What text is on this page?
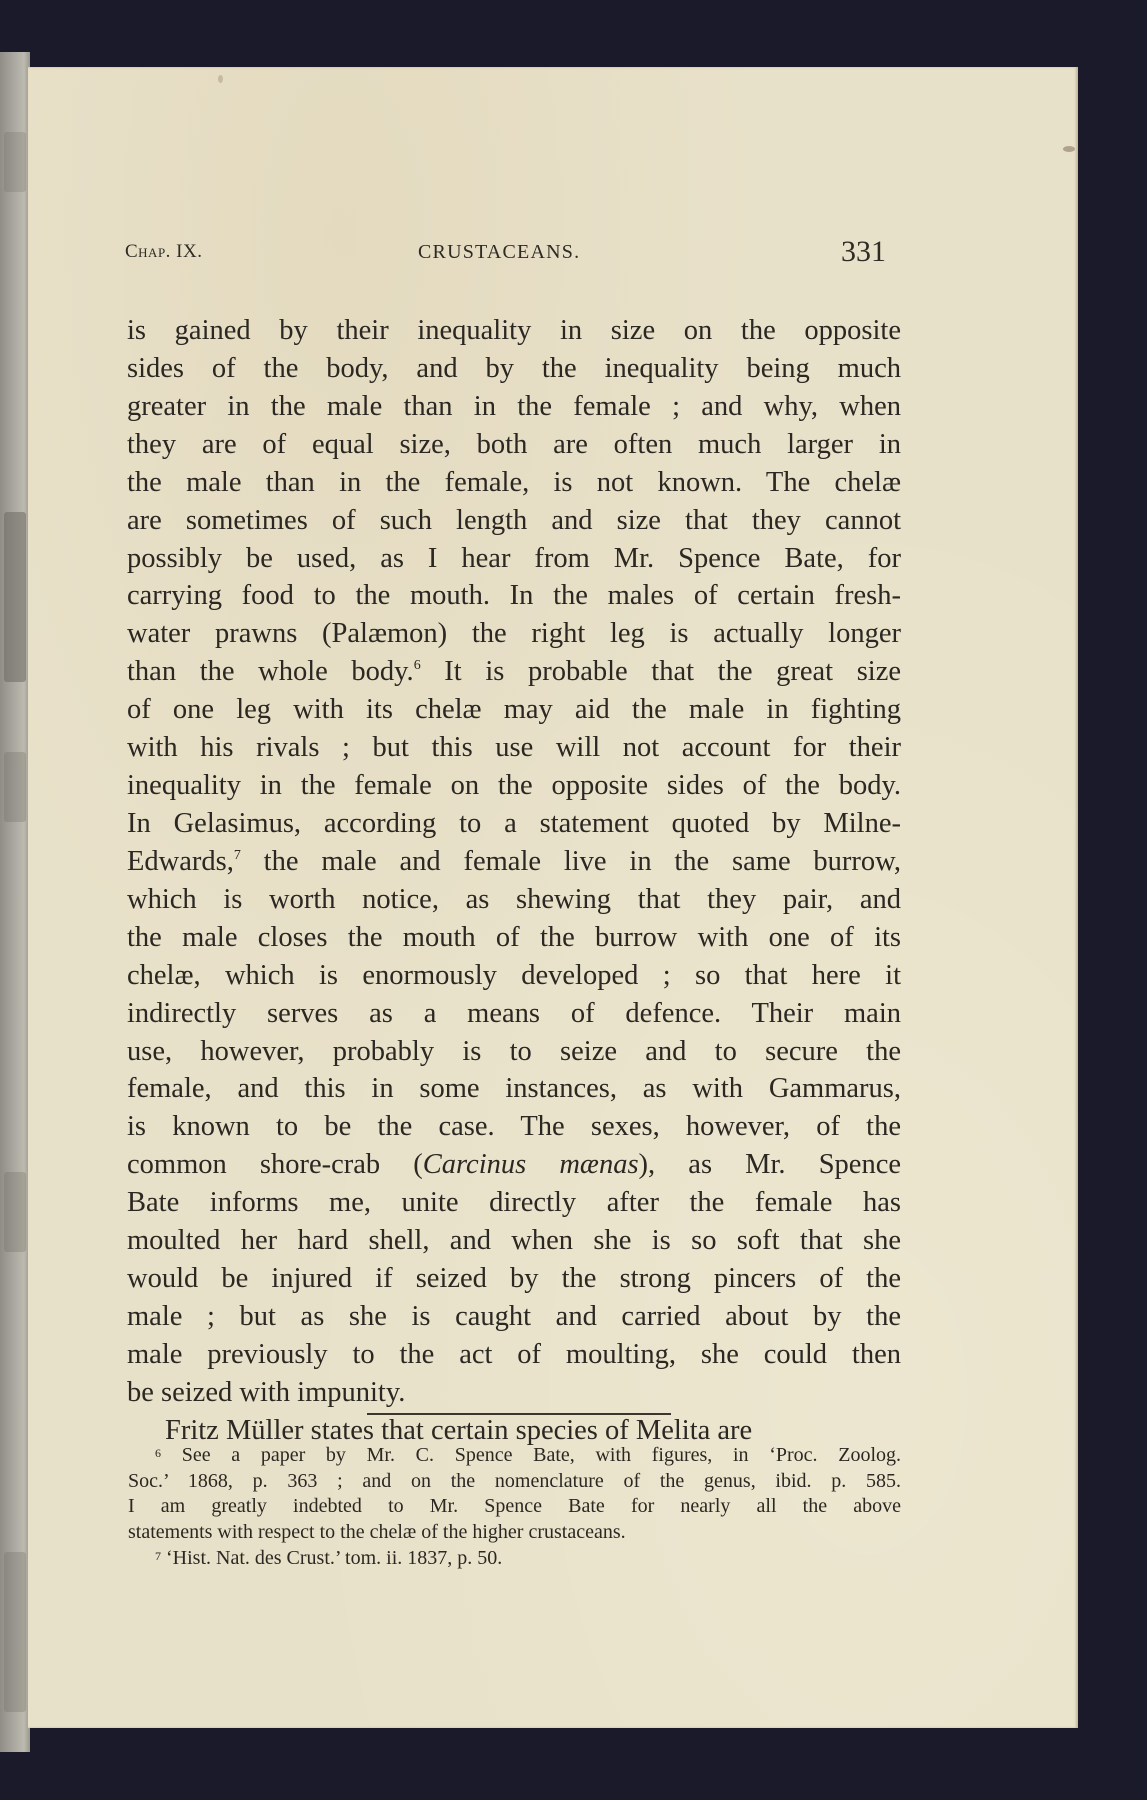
Chap. IX.	CRUSTACEANS.	331
is gained by their inequality in size on the opposite
sides of the body, and by the inequality being much
greater in the male than in the female ; and why, when
they are of equal size, both are often much larger in
the male than in the female, is not known. The chelæ
are sometimes of such length and size that they cannot
possibly be used, as I hear from Mr. Spence Bate, for
carrying food to the mouth. In the males of certain fresh-
water prawns (Palæmon) the right leg is actually longer
than the whole body.$^6$ It is probable that the great size
of one leg with its chelæ may aid the male in fighting
with his rivals ; but this use will not account for their
inequality in the female on the opposite sides of the body.
In Gelasimus, according to a statement quoted by Milne-
Edwards,$^7$ the male and female live in the same burrow,
which is worth notice, as shewing that they pair, and
the male closes the mouth of the burrow with one of its
chelæ, which is enormously developed ; so that here it
indirectly serves as a means of defence. Their main
use, however, probably is to seize and to secure the
female, and this in some instances, as with Gammarus,
is known to be the case. The sexes, however, of the
common shore-crab (Carcinus mænas), as Mr. Spence
Bate informs me, unite directly after the female has
moulted her hard shell, and when she is so soft that she
would be injured if seized by the strong pincers of the
male ; but as she is caught and carried about by the
male previously to the act of moulting, she could then
be seized with impunity.
Fritz Müller states that certain species of Melita are
$^6$ See a paper by Mr. C. Spence Bate, with figures, in ‘Proc. Zoolog.
Soc.’ 1868, p. 363 ; and on the nomenclature of the genus, ibid. p. 585.
I am greatly indebted to Mr. Spence Bate for nearly all the above
statements with respect to the chelæ of the higher crustaceans.
$^7$ ‘Hist. Nat. des Crust.’ tom. ii. 1837, p. 50.
